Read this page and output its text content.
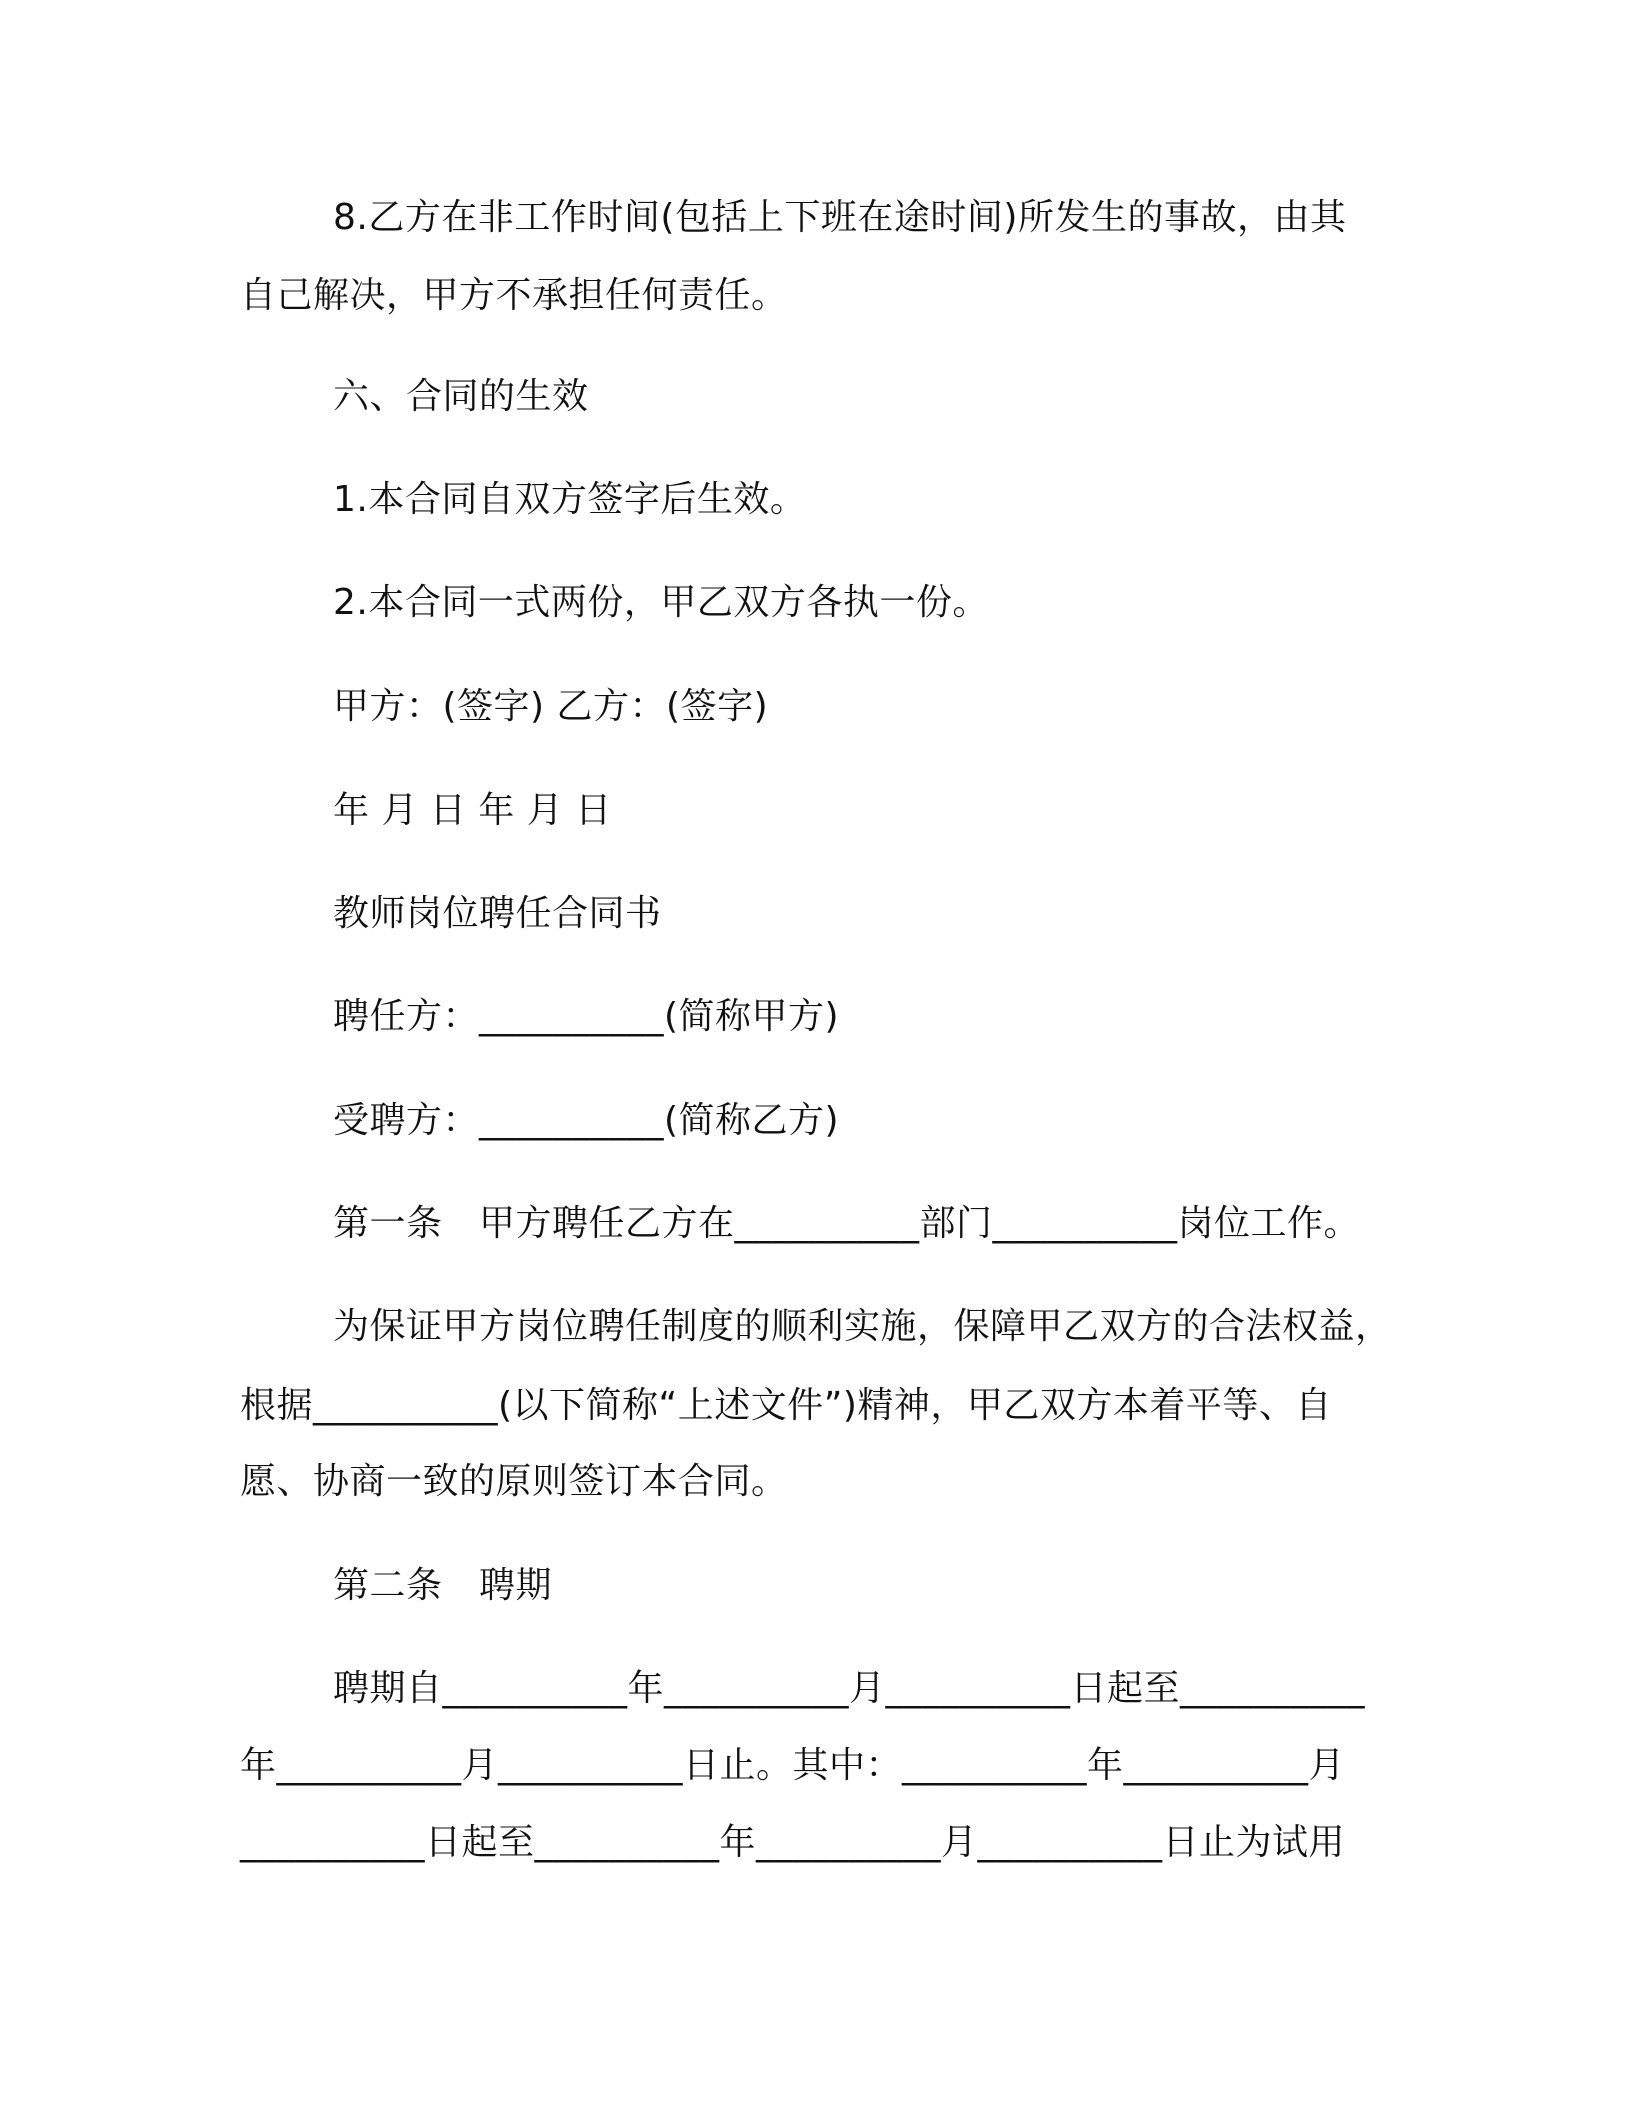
8.乙方在非工作时间(包括上下班在途时间)所发生的事故，由其
自己解决，甲方不承担任何责任。
六、合同的生效
1.本合同自双方签字后生效。
2.本合同一式两份，甲乙双方各执一份。
甲方：(签字) 乙方：(签字)
年 月 日 年 月 日
教师岗位聘任合同书
聘任方：__________(简称甲方)
受聘方：__________(简称乙方)
第一条　甲方聘任乙方在__________部门__________岗位工作。
为保证甲方岗位聘任制度的顺利实施，保障甲乙双方的合法权益，
根据__________(以下简称“上述文件”)精神，甲乙双方本着平等、自
愿、协商一致的原则签订本合同。
第二条　聘期
聘期自__________年__________月__________日起至__________
年__________月__________日止。其中：__________年__________月
__________日起至__________年__________月__________日止为试用
